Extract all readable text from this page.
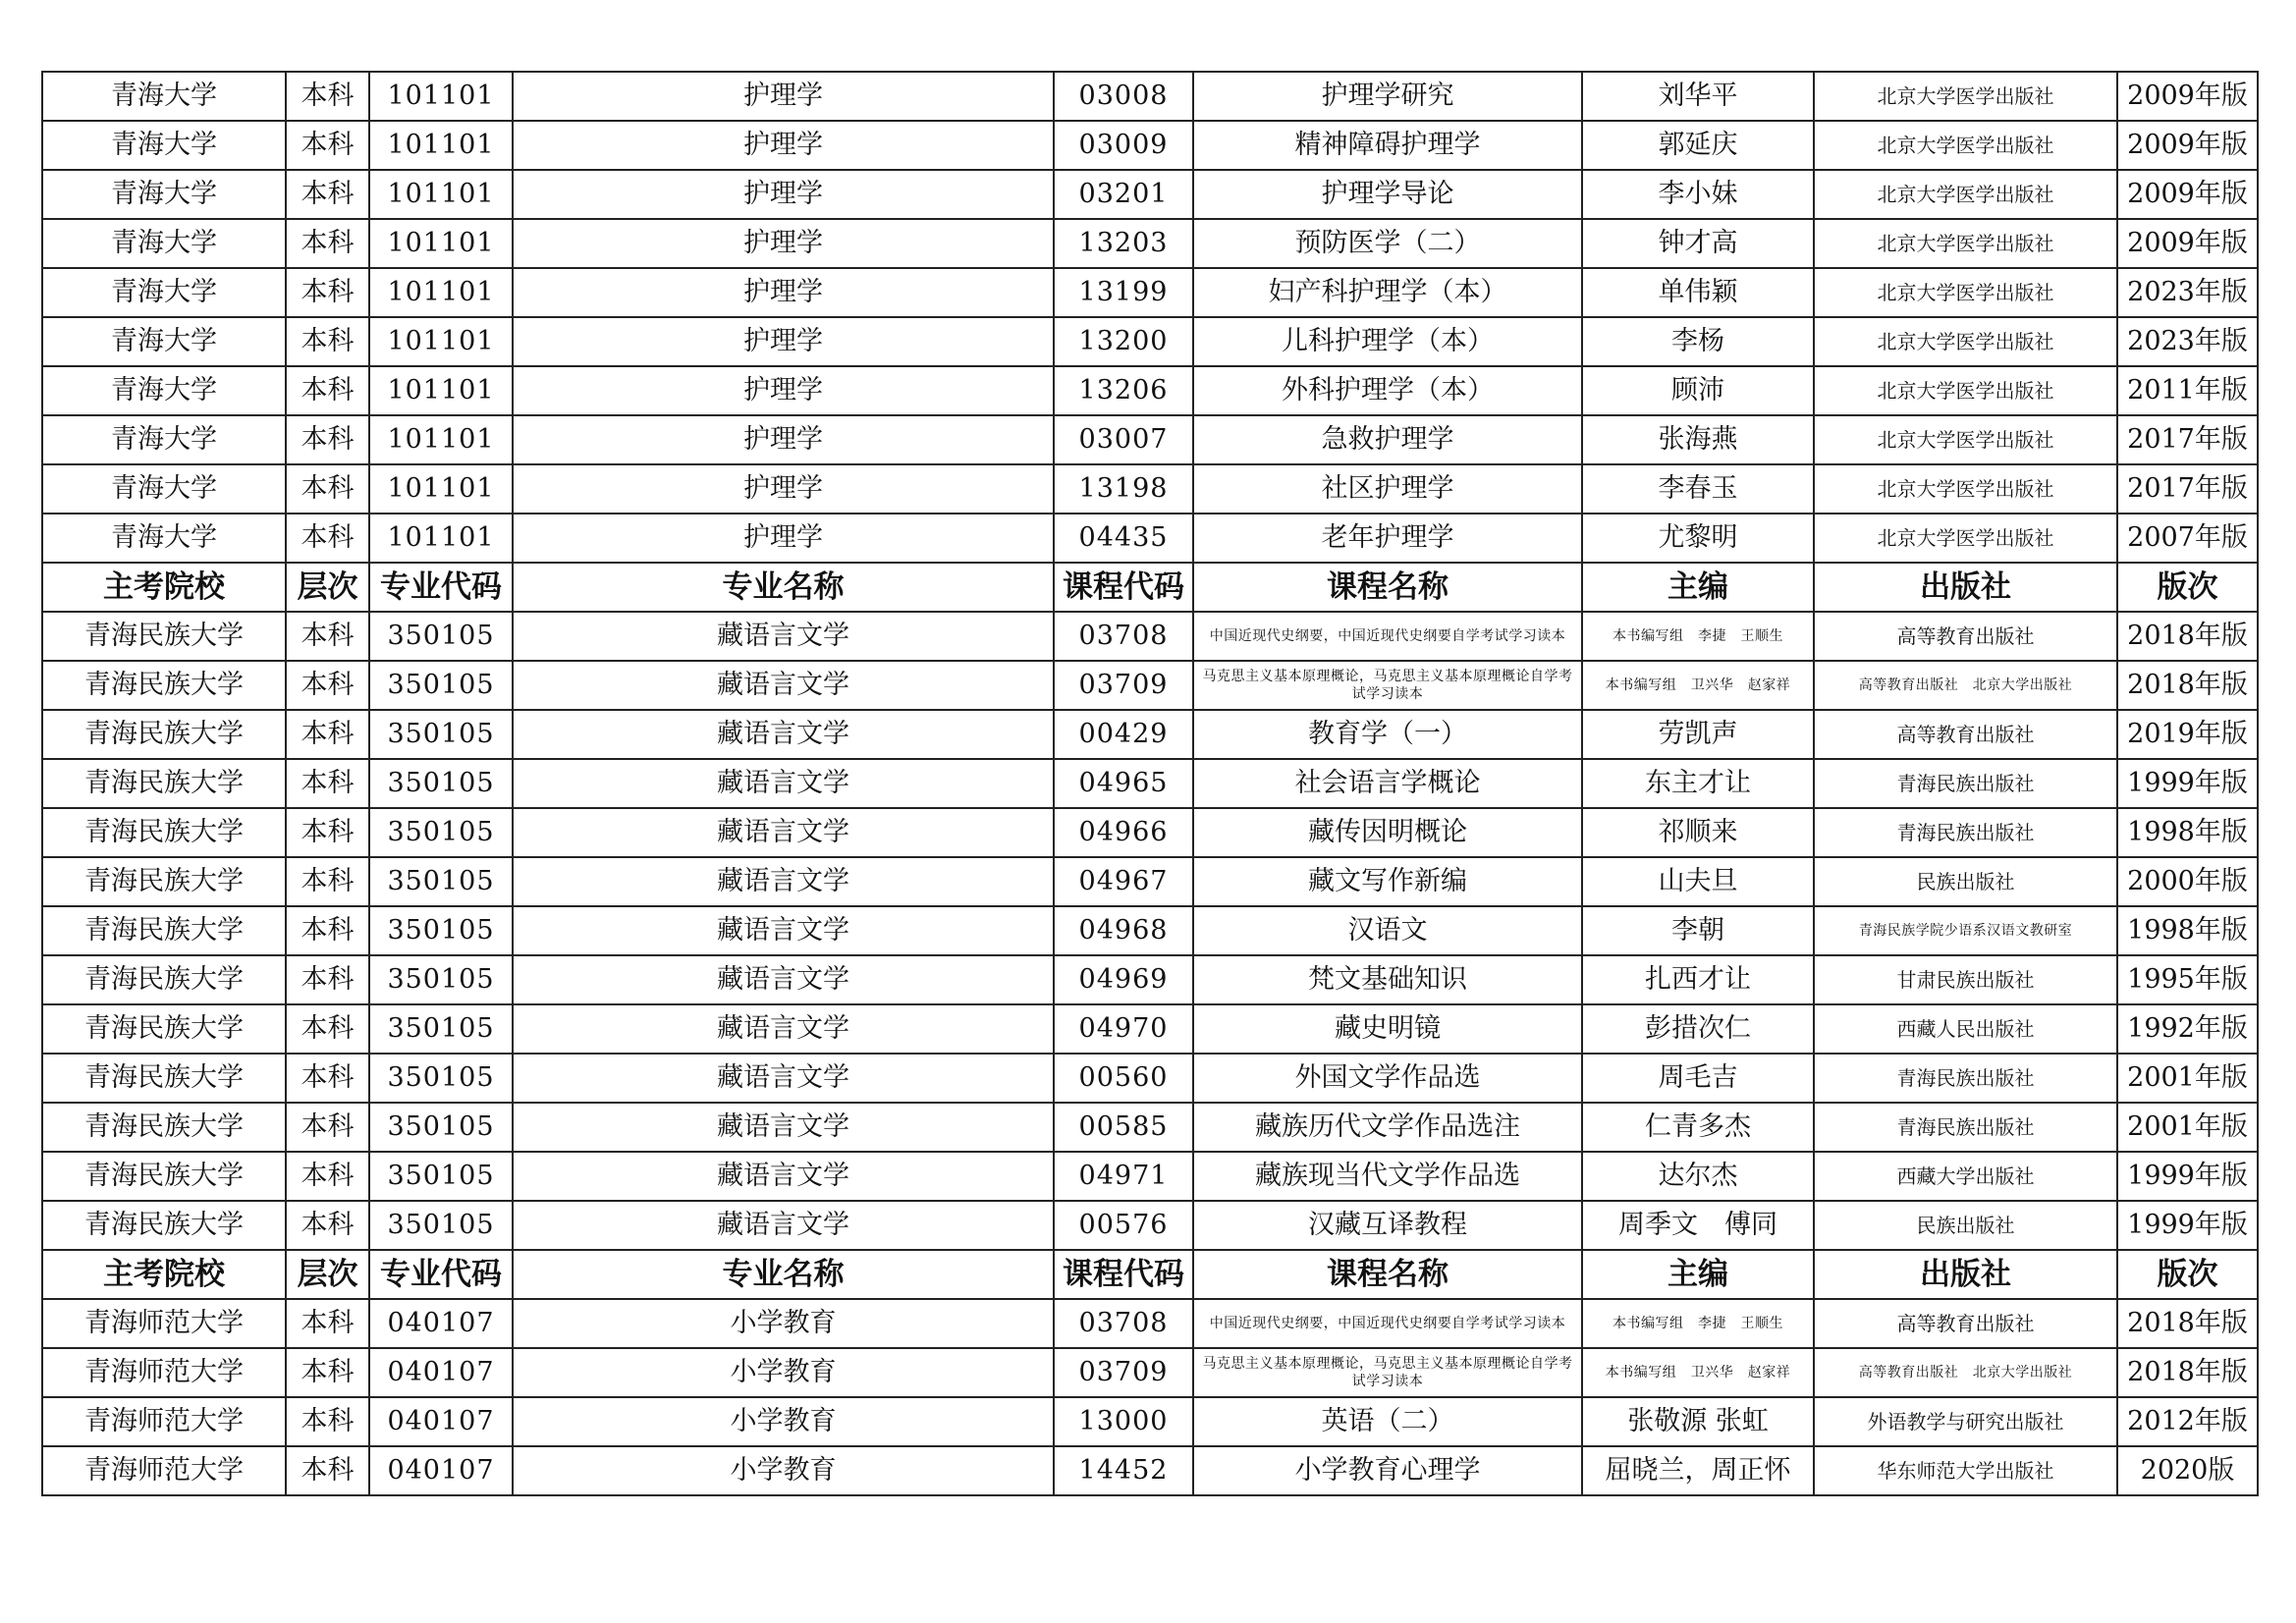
青海大学	本科	101101	护理学	03008	护理学研究	刘华平	北京大学医学出版社	2009年版
青海大学	本科	101101	护理学	03009	精神障碍护理学	郭延庆	北京大学医学出版社	2009年版
青海大学	本科	101101	护理学	03201	护理学导论	李小妹	北京大学医学出版社	2009年版
青海大学	本科	101101	护理学	13203	预防医学（二）	钟才高	北京大学医学出版社	2009年版
青海大学	本科	101101	护理学	13199	妇产科护理学（本）	单伟颖	北京大学医学出版社	2023年版
青海大学	本科	101101	护理学	13200	儿科护理学（本）	李杨	北京大学医学出版社	2023年版
青海大学	本科	101101	护理学	13206	外科护理学（本）	顾沛	北京大学医学出版社	2011年版
青海大学	本科	101101	护理学	03007	急救护理学	张海燕	北京大学医学出版社	2017年版
青海大学	本科	101101	护理学	13198	社区护理学	李春玉	北京大学医学出版社	2017年版
青海大学	本科	101101	护理学	04435	老年护理学	尤黎明	北京大学医学出版社	2007年版
主考院校	层次	专业代码	专业名称	课程代码	课程名称	主编	出版社	版次
青海民族大学	本科	350105	藏语言文学	03708	中国近现代史纲要，中国近现代史纲要自学考试学习读本	本书编写组　李捷　王顺生	高等教育出版社	2018年版
青海民族大学	本科	350105	藏语言文学	03709	马克思主义基本原理概论，马克思主义基本原理概论自学考试学习读本	本书编写组　卫兴华　赵家祥	高等教育出版社　北京大学出版社	2018年版
青海民族大学	本科	350105	藏语言文学	00429	教育学（一）	劳凯声	高等教育出版社	2019年版
青海民族大学	本科	350105	藏语言文学	04965	社会语言学概论	东主才让	青海民族出版社	1999年版
青海民族大学	本科	350105	藏语言文学	04966	藏传因明概论	祁顺来	青海民族出版社	1998年版
青海民族大学	本科	350105	藏语言文学	04967	藏文写作新编	山夫旦	民族出版社	2000年版
青海民族大学	本科	350105	藏语言文学	04968	汉语文	李朝	青海民族学院少语系汉语文教研室	1998年版
青海民族大学	本科	350105	藏语言文学	04969	梵文基础知识	扎西才让	甘肃民族出版社	1995年版
青海民族大学	本科	350105	藏语言文学	04970	藏史明镜	彭措次仁	西藏人民出版社	1992年版
青海民族大学	本科	350105	藏语言文学	00560	外国文学作品选	周毛吉	青海民族出版社	2001年版
青海民族大学	本科	350105	藏语言文学	00585	藏族历代文学作品选注	仁青多杰	青海民族出版社	2001年版
青海民族大学	本科	350105	藏语言文学	04971	藏族现当代文学作品选	达尔杰	西藏大学出版社	1999年版
青海民族大学	本科	350105	藏语言文学	00576	汉藏互译教程	周季文　傅同	民族出版社	1999年版
主考院校	层次	专业代码	专业名称	课程代码	课程名称	主编	出版社	版次
青海师范大学	本科	040107	小学教育	03708	中国近现代史纲要，中国近现代史纲要自学考试学习读本	本书编写组　李捷　王顺生	高等教育出版社	2018年版
青海师范大学	本科	040107	小学教育	03709	马克思主义基本原理概论，马克思主义基本原理概论自学考试学习读本	本书编写组　卫兴华　赵家祥	高等教育出版社　北京大学出版社	2018年版
青海师范大学	本科	040107	小学教育	13000	英语（二）	张敬源 张虹	外语教学与研究出版社	2012年版
青海师范大学	本科	040107	小学教育	14452	小学教育心理学	屈晓兰，周正怀	华东师范大学出版社	2020版
